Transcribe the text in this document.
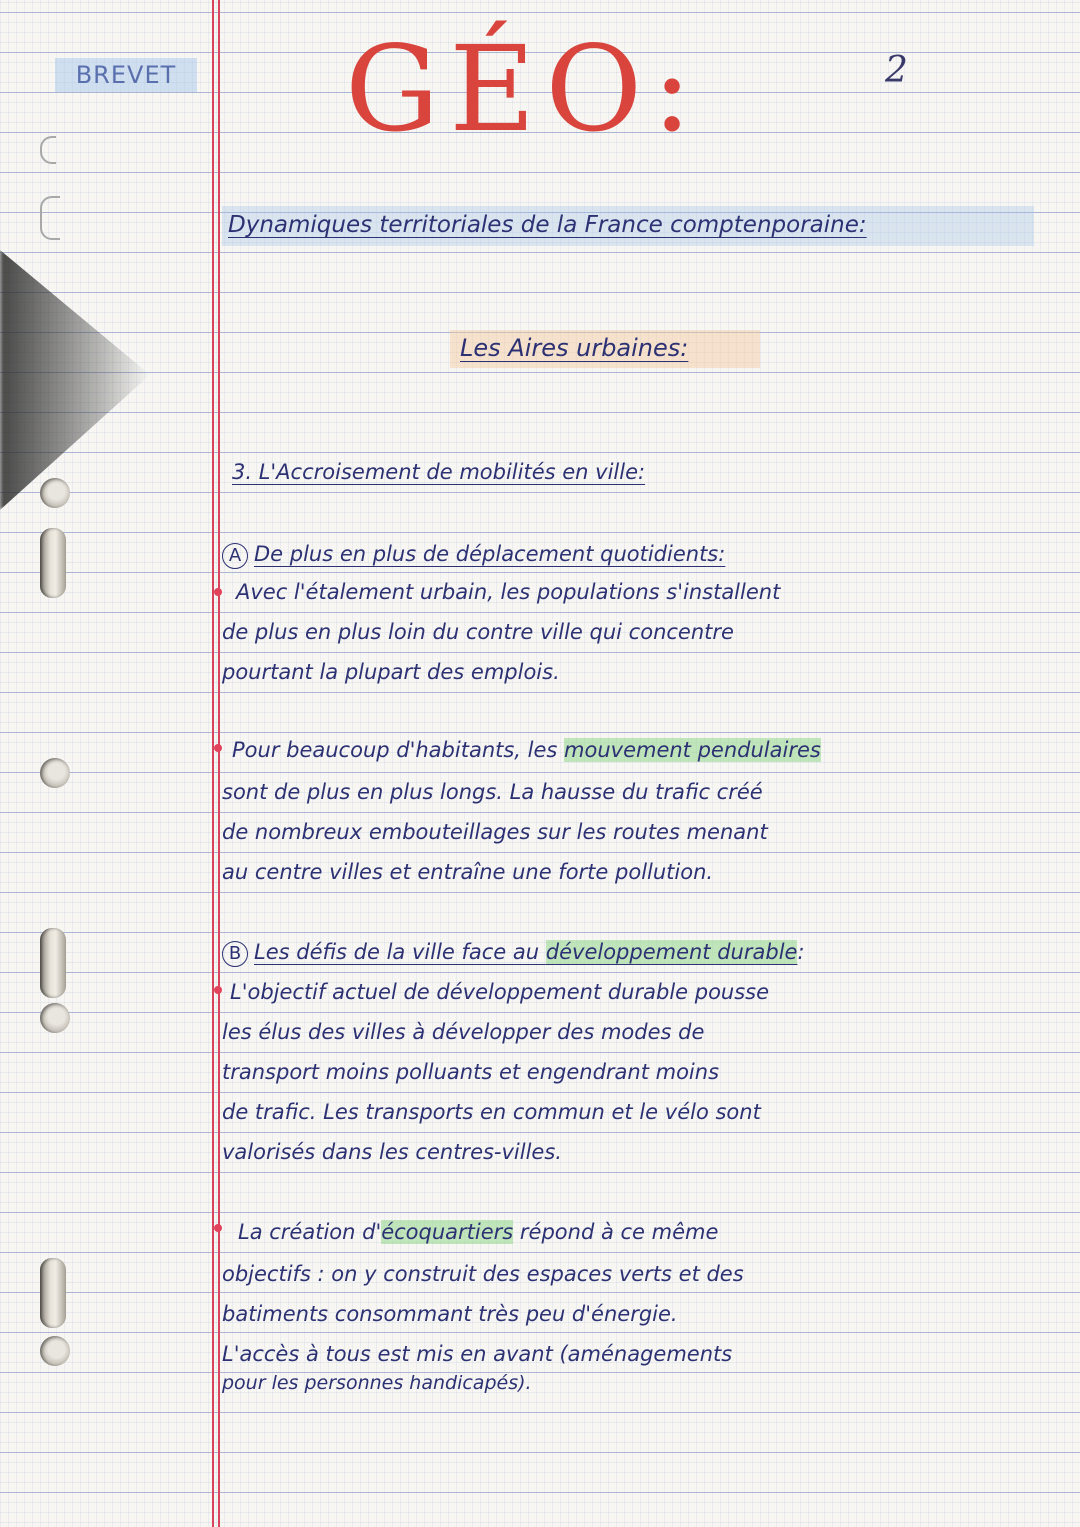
BREVET GÉO:	2
Dynamiques territoriales de la France comptenporaine:
Les Aires urbaines:
3. L'Accroisement de mobilités en ville:
A De plus en plus de déplacement quotidients:
Avec l'étalement urbain, les populations s'installent
de plus en plus loin du contre ville qui concentre
pourtant la plupart des emplois.
Pour beaucoup d'habitants, les mouvement pendulaires
sont de plus en plus longs. La hausse du trafic créé
de nombreux embouteillages sur les routes menant
au centre villes et entraîne une forte pollution.
B Les défis de la ville face au développement durable:
L'objectif actuel de développement durable pousse
les élus des villes à développer des modes de
transport moins polluants et engendrant moins
de trafic. Les transports en commun et le vélo sont
valorisés dans les centres-villes.
La création d'écoquartiers répond à ce même
objectifs : on y construit des espaces verts et des
batiments consommant très peu d'énergie.
L'accès à tous est mis en avant (aménagements
pour les personnes handicapés).
